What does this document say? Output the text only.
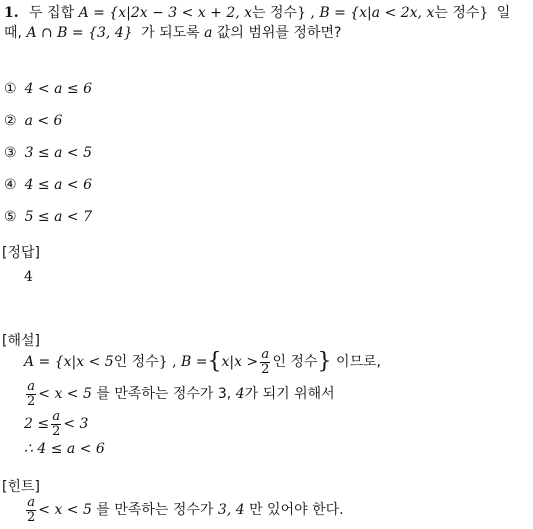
1. 두 집합 A = {x|2x − 3 < x + 2, x는 정수} , B = {x|a < 2x, x는 정수} 일
때, A ∩ B = {3, 4} 가 되도록 a 값의 범위를 정하면?
① 4 < a ≤ 6
② a < 6
③ 3 ≤ a < 5
④ 4 ≤ a < 6
⑤ 5 ≤ a < 7
[정답]
4
[해설]
A = {x|x < 5인 정수} , $B =\{x|x > \frac{a}{2}$ 인 정수} 이므로,
$\frac{a}{2} < x < 5$ 를 만족하는 정수가 3, 4가 되기 위해서
$2 \le \frac{a}{2} < 3$
∴ 4 ≤ a < 6
[힌트]
$\frac{a}{2} < x < 5$ 를 만족하는 정수가 3, 4 만 있어야 한다.
